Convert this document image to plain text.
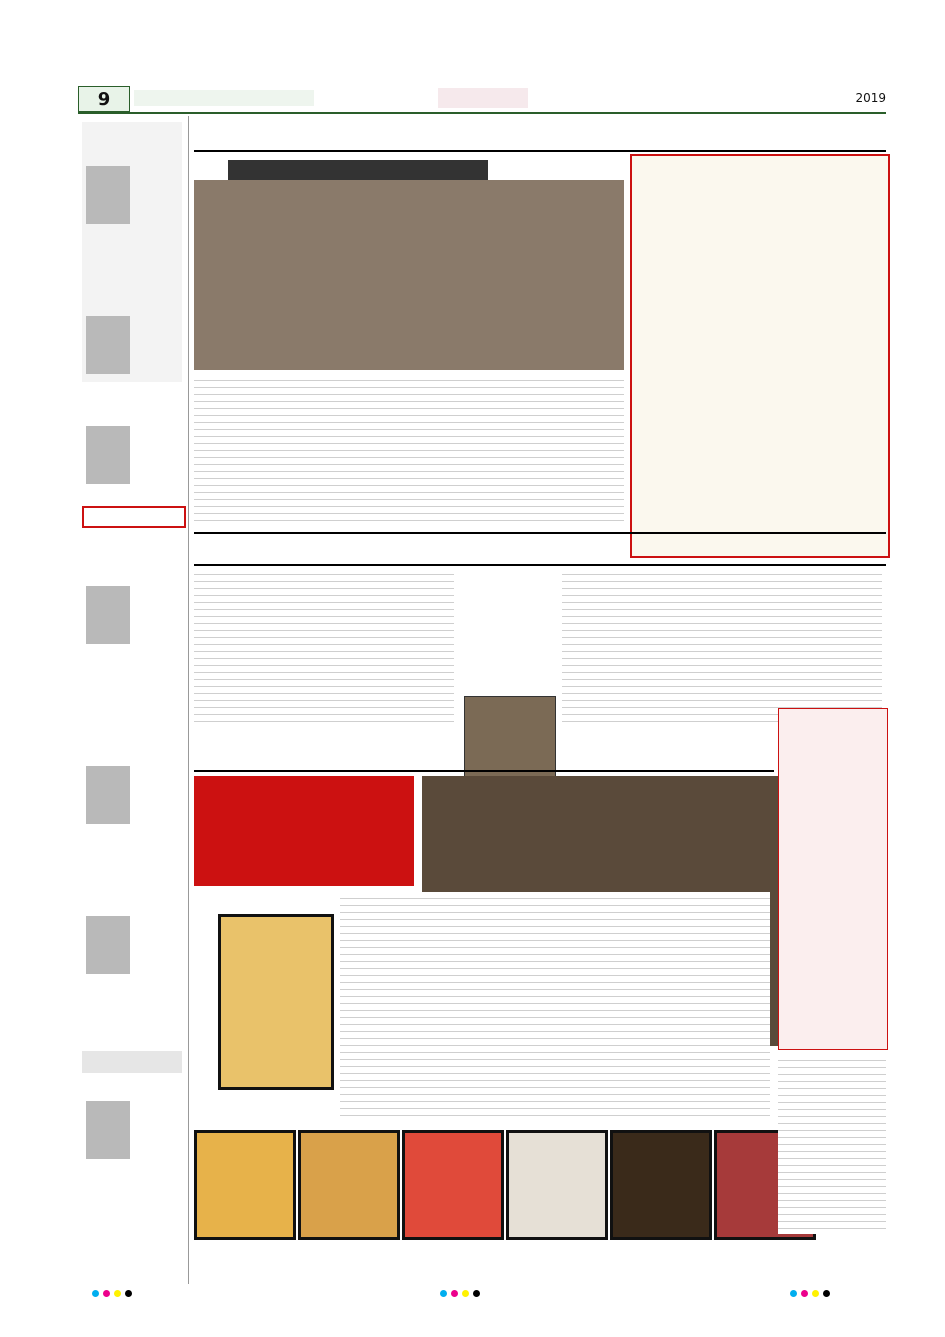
9	2019
